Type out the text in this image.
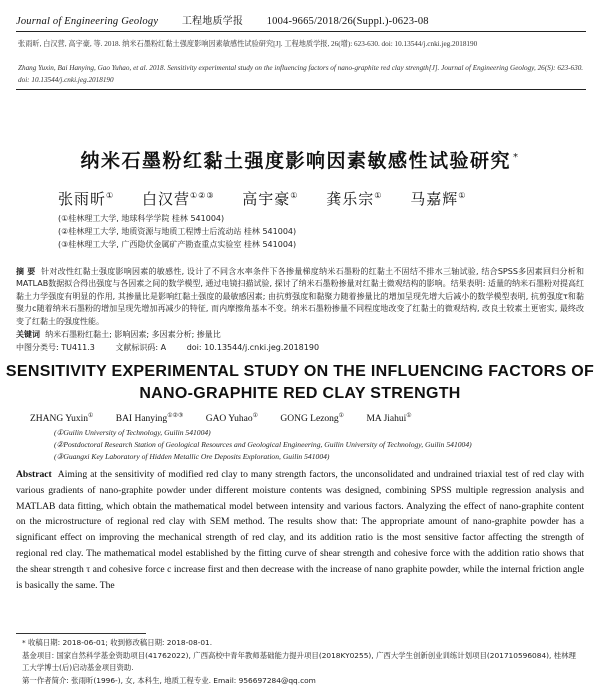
Journal of Engineering Geology 工程地质学报 1004-9665/2018/26(Suppl.)-0623-08
张雨昕, 白汉营, 高宇豪, 等. 2018. 纳米石墨粉红黏土强度影响因素敏感性试验研究[J]. 工程地质学报, 26(增): 623-630. doi: 10.13544/j.cnki.jeg.2018190
Zhang Yuxin, Bai Hanying, Gao Yuhao, et al. 2018. Sensitivity experimental study on the influencing factors of nano-graphite red clay strength[J]. Journal of Engineering Geology, 26(S): 623-630. doi: 10.13544/j.cnki.jeg.2018190
纳米石墨粉红黏土强度影响因素敏感性试验研究 *
张雨昕① 白汉营①②③ 高宇豪① 龚乐宗① 马嘉辉①
(①桂林理工大学, 地球科学学院 桂林 541004)
(②桂林理工大学, 地质资源与地质工程博士后流动站 桂林 541004)
(③桂林理工大学, 广西隐伏金属矿产勘查重点实验室 桂林 541004)
摘 要 针对改性红黏土强度影响因素的敏感性, 设计了不同含水率条件下各掺量梯度纳米石墨粉的红黏土不固结不排水三轴试验, 结合SPSS多因素回归分析和MATLAB数据拟合得出强度与各因素之间的数学模型, 通过电镜扫描试验, 探讨了纳米石墨粉掺量对红黏土微观结构的影响。结果表明: 适量的纳米石墨粉对提高红黏土力学强度有明显的作用, 其掺量比是影响红黏土强度的最敏感因素; 由抗剪强度和黏聚力随着掺量比的增加呈现先增大后减小的数学模型表明, 抗剪强度τ和黏聚力c随着纳米石墨粉的增加呈现先增加再减少的特征, 而内摩擦角基本不变。纳米石墨粉掺量不同程度地改变了红黏土的微观结构, 改良土较素土更密实, 最终改变了红黏土的强度性能。
关键词 纳米石墨粉红黏土; 影响因素; 多因素分析; 掺量比
中图分类号: TU411.3	文献标识码: A	doi: 10.13544/j.cnki.jeg.2018190
SENSITIVITY EXPERIMENTAL STUDY ON THE INFLUENCING FACTORS OF NANO-GRAPHITE RED CLAY STRENGTH
ZHANG Yuxin① BAI Hanying①②③ GAO Yuhao① GONG Lezong① MA Jiahui①
(①Guilin University of Technology, Guilin 541004)
(②Postdoctoral Research Station of Geological Resources and Geological Engineering, Guilin University of Technology, Guilin 541004)
(③Guangxi Key Laboratory of Hidden Metallic Ore Deposits Exploration, Guilin 541004)
Abstract Aiming at the sensitivity of modified red clay to many strength factors, the unconsolidated and undrained triaxial test of red clay with various gradients of nano-graphite powder under different moisture contents was designed, combining SPSS multiple regression analysis and MATLAB data fitting, which obtain the mathematical model between intensity and various factors. Analyzing the effect of nano-graphite content on the microstructure of regional red clay with SEM method. The results show that: The appropriate amount of nano-graphite powder has a significant effect on improving the mechanical strength of red clay, and its addition ratio is the most sensitive factor affecting the strength of regional red clay. The mathematical model established by the fitting curve of shear strength and cohesive force with the addition ratio shows that the shear strength τ and cohesive force c increase first and then decrease with the increase of nano graphite powder, while the internal friction angle is basically the same. The
* 收稿日期: 2018-06-01; 收到修改稿日期: 2018-08-01.
基金项目: 国家自然科学基金资助项目(41762022), 广西高校中青年教师基础能力提升项目(2018KY0255), 广西大学生创新创业训练计划项目(201710596084), 桂林理工大学博士(后)启动基金项目资助.
第一作者简介: 张雨昕(1996-), 女, 本科生, 地质工程专业. Email: 956697284@qq.com
